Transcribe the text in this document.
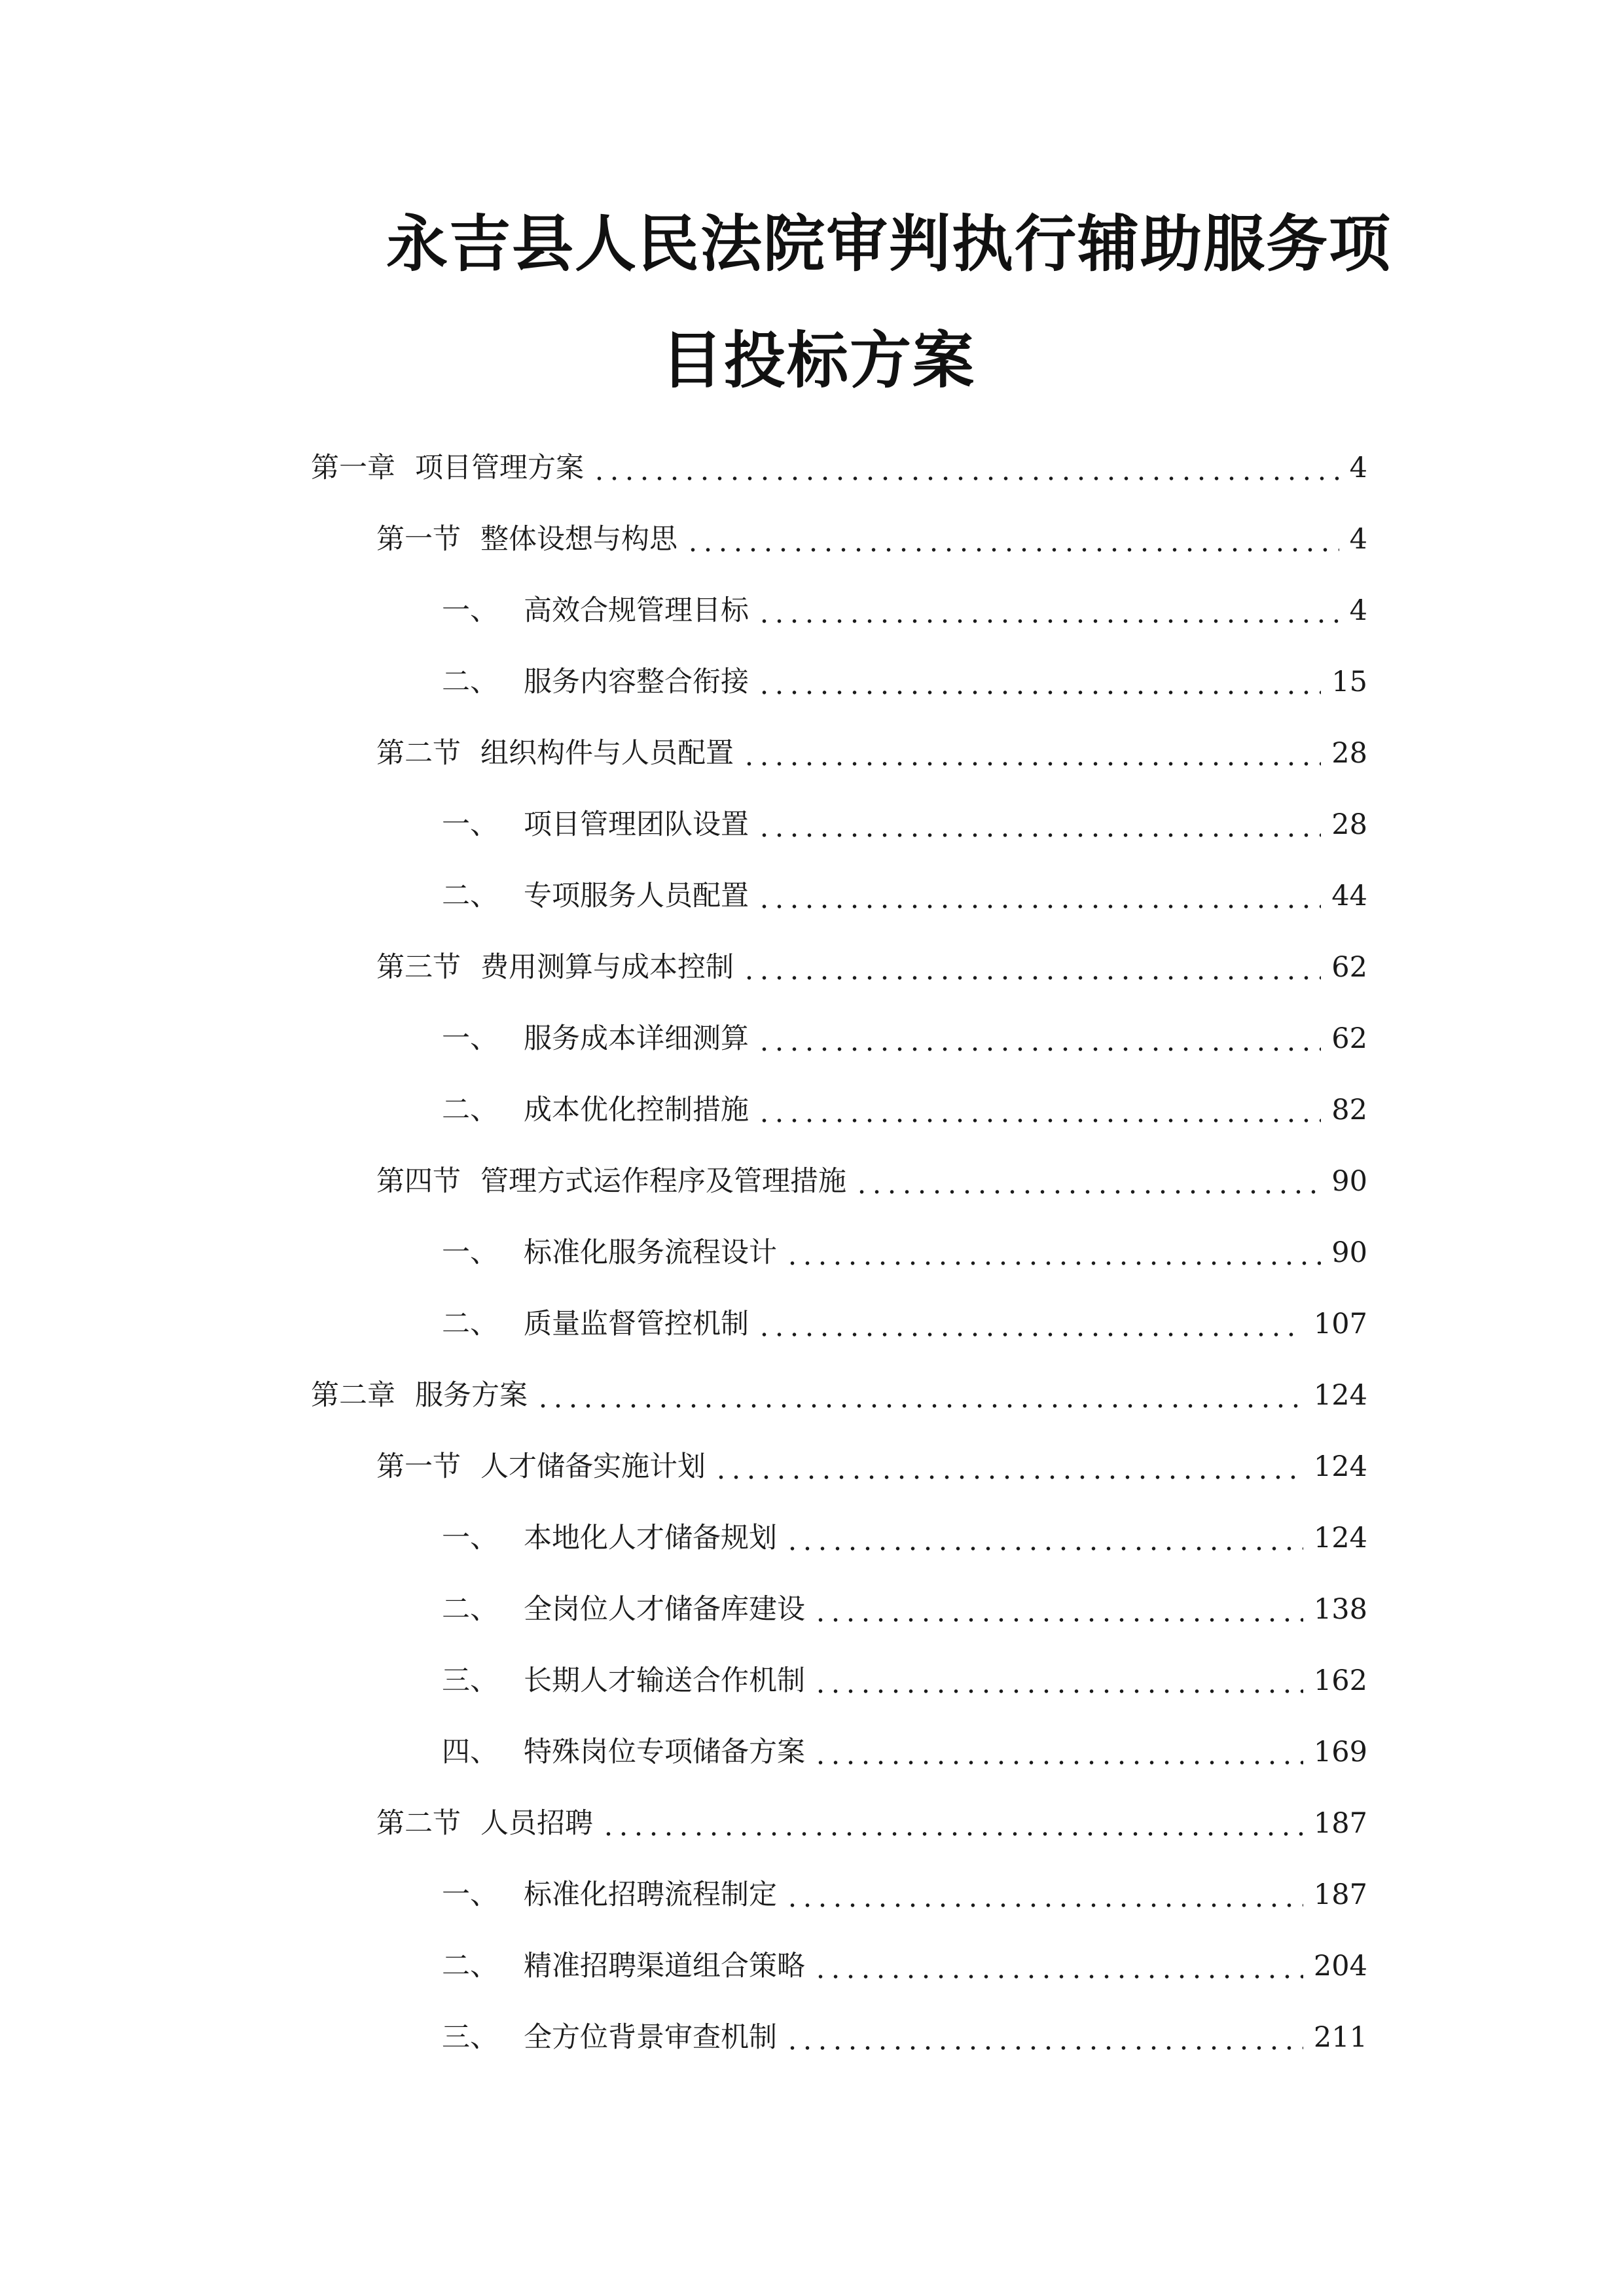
永吉县人民法院审判执行辅助服务项
目投标方案
第一章 项目管理方案	4
第一节 整体设想与构思	4
一、 高效合规管理目标	4
二、 服务内容整合衔接	15
第二节 组织构件与人员配置	28
一、 项目管理团队设置	28
二、 专项服务人员配置	44
第三节 费用测算与成本控制	62
一、 服务成本详细测算	62
二、 成本优化控制措施	82
第四节 管理方式运作程序及管理措施	90
一、 标准化服务流程设计	90
二、 质量监督管控机制	107
第二章 服务方案	124
第一节 人才储备实施计划	124
一、 本地化人才储备规划	124
二、 全岗位人才储备库建设	138
三、 长期人才输送合作机制	162
四、 特殊岗位专项储备方案	169
第二节 人员招聘	187
一、 标准化招聘流程制定	187
二、 精准招聘渠道组合策略	204
三、 全方位背景审查机制	211
